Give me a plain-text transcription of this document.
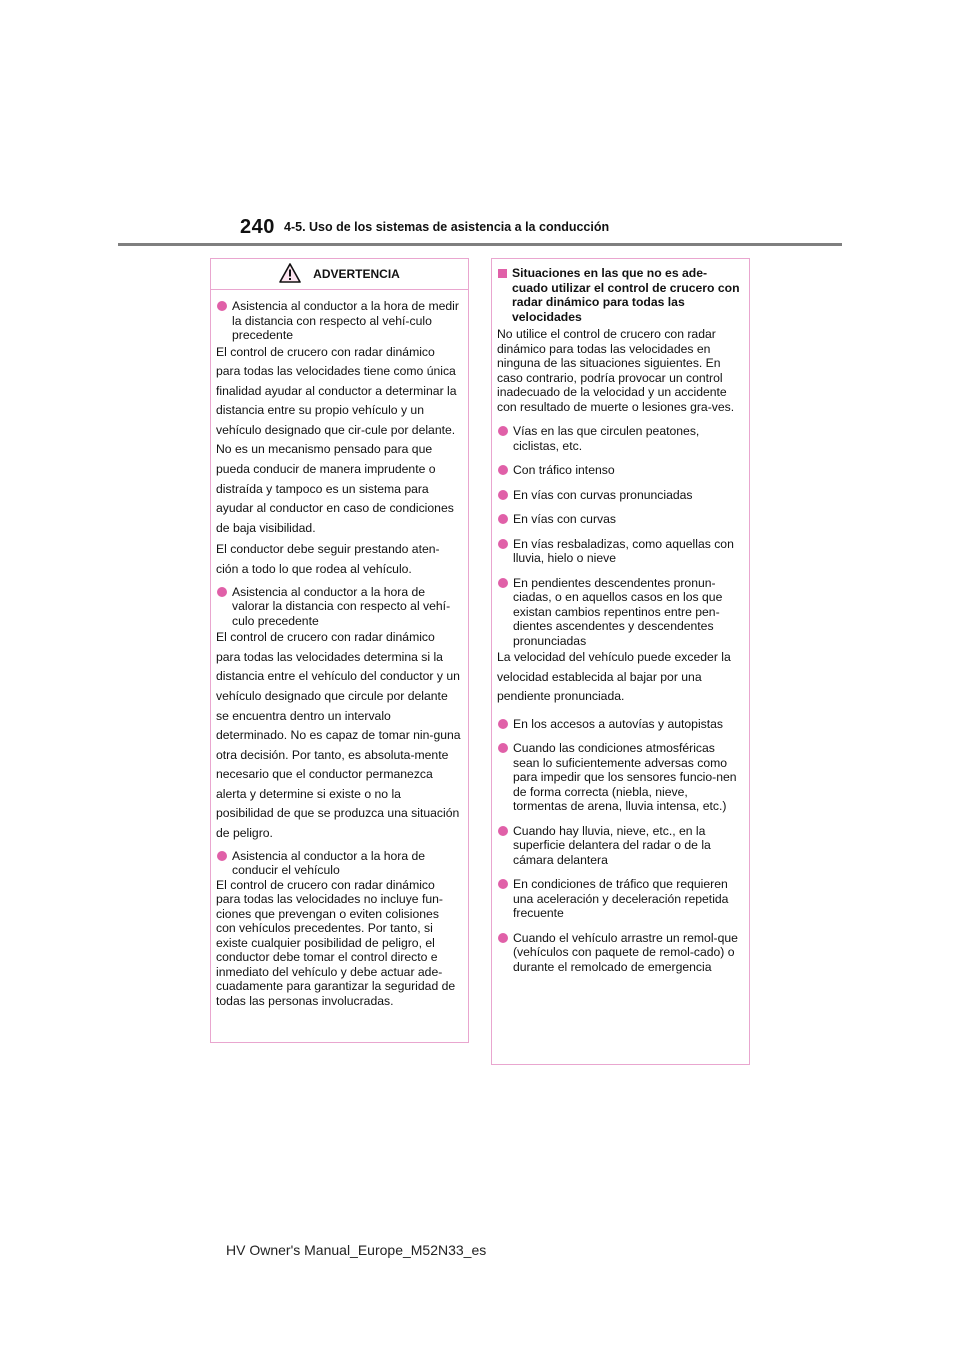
240 4-5. Uso de los sistemas de asistencia a la conducción
ADVERTENCIA
Asistencia al conductor a la hora de medir la distancia con respecto al vehí-culo precedente

El control de crucero con radar dinámico para todas las velocidades tiene como única finalidad ayudar al conductor a determinar la distancia entre su propio vehículo y un vehículo designado que cir-cule por delante. No es un mecanismo pensado para que pueda conducir de manera imprudente o distraída y tampoco es un sistema para ayudar al conductor en caso de condiciones de baja visibilidad.

El conductor debe seguir prestando aten-ción a todo lo que rodea al vehículo.

Asistencia al conductor a la hora de valorar la distancia con respecto al vehí-culo precedente

El control de crucero con radar dinámico para todas las velocidades determina si la distancia entre el vehículo del conductor y un vehículo designado que circule por delante se encuentra dentro un intervalo determinado. No es capaz de tomar nin-guna otra decisión. Por tanto, es absoluta-mente necesario que el conductor permanezca alerta y determine si existe o no la posibilidad de que se produzca una situación de peligro.

Asistencia al conductor a la hora de conducir el vehículo

El control de crucero con radar dinámico para todas las velocidades no incluye fun-ciones que prevengan o eviten colisiones con vehículos precedentes. Por tanto, si existe cualquier posibilidad de peligro, el conductor debe tomar el control directo e inmediato del vehículo y debe actuar ade-cuadamente para garantizar la seguridad de todas las personas involucradas.

Situaciones en las que no es ade-cuado utilizar el control de crucero con radar dinámico para todas las velocidades

No utilice el control de crucero con radar dinámico para todas las velocidades en ninguna de las situaciones siguientes. En caso contrario, podría provocar un control inadecuado de la velocidad y un accidente con resultado de muerte o lesiones gra-ves.

Vías en las que circulen peatones, ciclistas, etc.
Con tráfico intenso
En vías con curvas pronunciadas
En vías con curvas
En vías resbaladizas, como aquellas con lluvia, hielo o nieve
En pendientes descendentes pronun-ciadas, o en aquellos casos en los que existan cambios repentinos entre pen-dientes ascendentes y descendentes pronunciadas

La velocidad del vehículo puede exceder la velocidad establecida al bajar por una pendiente pronunciada.

En los accesos a autovías y autopistas
Cuando las condiciones atmosféricas sean lo suficientemente adversas como para impedir que los sensores funcio-nen de forma correcta (niebla, nieve, tormentas de arena, lluvia intensa, etc.)
Cuando hay lluvia, nieve, etc., en la superficie delantera del radar o de la cámara delantera
En condiciones de tráfico que requieren una aceleración y deceleración repetida frecuente
Cuando el vehículo arrastre un remol-que (vehículos con paquete de remol-cado) o durante el remolcado de emergencia
HV Owner's Manual_Europe_M52N33_es
